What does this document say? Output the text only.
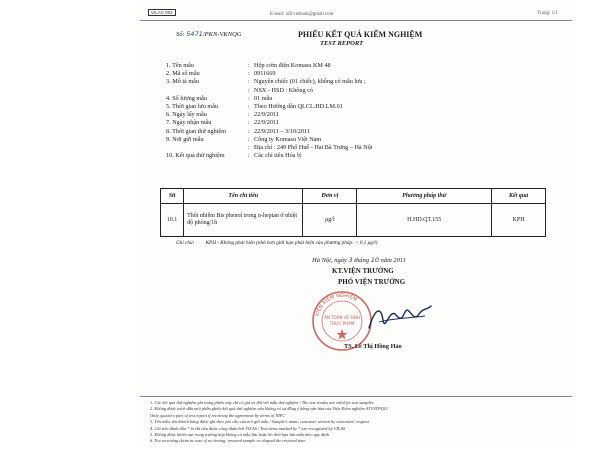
VILAS 093	E-mail: nifcvietnam@gmail.com	Trang: 1/1
Số: 5471/PKN-VKNQG	PHIẾU KẾT QUẢ KIỂM NGHIỆM
TEST REPORT
1. Tên mẫu	: Hộp cơm điện Komasu KM 48
2. Mã số mẫu	: 0911669
3. Mô tả mẫu	: Nguyên chiếc (01 chiếc), không có mẫu lưu ;
: NSX - HSD : Không có
4. Số lượng mẫu	: 01 mẫu
5. Thời gian lưu mẫu	: Theo Hướng dẫn QLCL.HD.LM.01
6. Ngày lấy mẫu	: 22/9/2011
7. Ngày nhận mẫu	: 22/9/2011
8. Thời gian thử nghiệm	: 22/9/2011 – 3/10/2011
9. Nơi gửi mẫu	: Công ty Komasu Việt Nam
: Địa chỉ : 249 Phố Huế - Hai Bà Trưng – Hà Nội
10. Kết quả thử nghiệm	: Các chỉ tiêu Hóa lý
Stt	Tên chỉ tiêu	Đơn vị	Phương pháp thử	Kết quả
10.1	Thôi nhiễm Bis phenol trong n-heptan ở nhiệt độ phòng/1h	μg/l	H.HD.QT.155	KPH
Ghi chú: KPH - Không phát hiện (nhỏ hơn giới hạn phát hiện của phương pháp: < 0,1 μg/l)
Hà Nội, ngày 3 tháng 10 năm 2011
KT.VIỆN TRƯỞNG
PHÓ VIỆN TRƯỞNG
VIỆN KIỂM NGHIỆM
AN TOÀN VỆ SINH
THỰC PHẨM
TS. Lê Thị Hồng Hảo
1. Các kết quả thử nghiệm ghi trong phiếu này chỉ có giá trị đối với mẫu thử nghiệm / The test results are valid for test samples
2. Không được trích dẫn một phần phiếu kết quả thử nghiệm nếu không có sự đồng ý bằng văn bản của Viện Kiểm nghiệm ATVSTPQG/
Only quoted a part of test report if receiving the agreement by terms of NIFC
3. Tên mẫu, tên khách hàng được ghi theo yêu cầu của nơi gửi mẫu / Sample's name, customer written by customers' request
4. Chỉ tiêu đánh dấu * là chỉ tiêu được công nhận bởi VILAS / Test items marked by * are recognized by VILAS
5. Không được khiếu nại trong trường hợp không có mẫu lưu hoặc bỏ thời hạn lưu mẫu theo quy định
6. Not receiving claim in case of no having, restored sample or elapsed the restored time
